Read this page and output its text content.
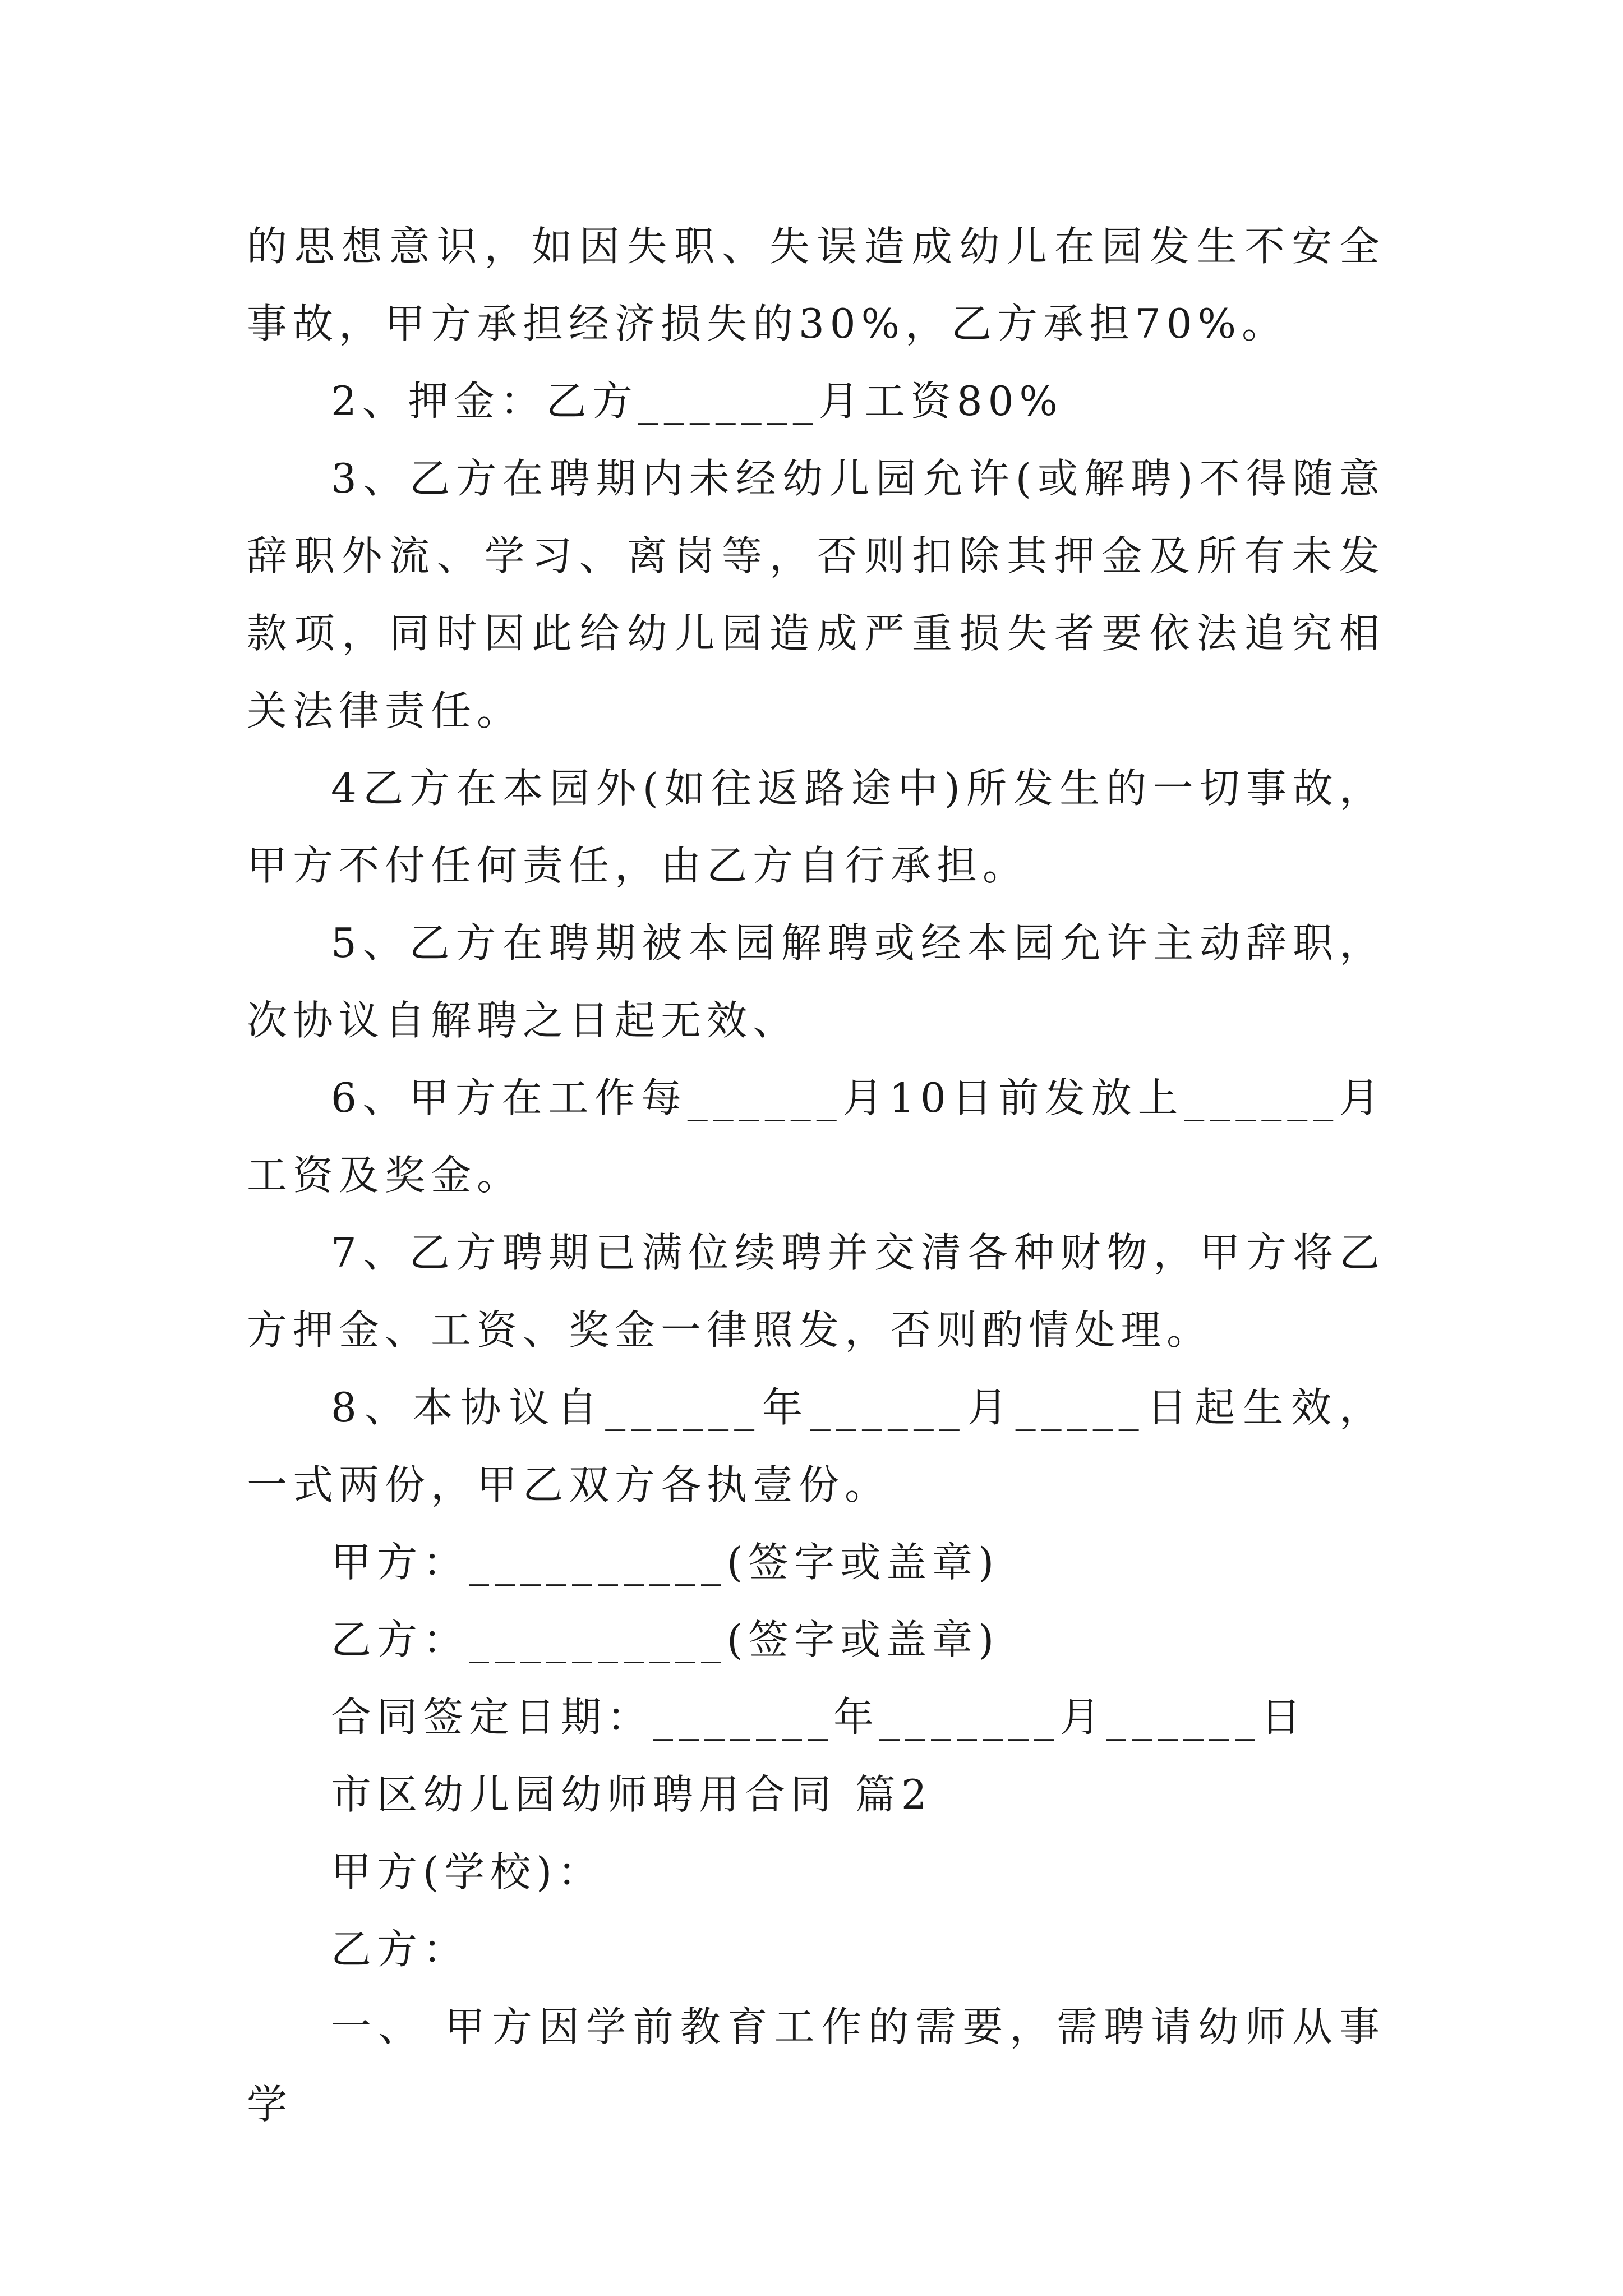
的思想意识，如因失职、失误造成幼儿在园发生不安全事故，甲方承担经济损失的30%，乙方承担70%。

2、押金：乙方_______月工资80%

3、乙方在聘期内未经幼儿园允许(或解聘)不得随意辞职外流、学习、离岗等，否则扣除其押金及所有未发款项，同时因此给幼儿园造成严重损失者要依法追究相关法律责任。

4乙方在本园外(如往返路途中)所发生的一切事故，甲方不付任何责任，由乙方自行承担。

5、乙方在聘期被本园解聘或经本园允许主动辞职，次协议自解聘之日起无效、

6、甲方在工作每______月10日前发放上______月工资及奖金。

7、乙方聘期已满位续聘并交清各种财物，甲方将乙方押金、工资、奖金一律照发，否则酌情处理。

8、本协议自______年______月_____日起生效，一式两份，甲乙双方各执壹份。

甲方：__________(签字或盖章)

乙方：__________(签字或盖章)

合同签定日期：_______年_______月______日

市区幼儿园幼师聘用合同 篇2

甲方(学校)：

乙方：

一、 甲方因学前教育工作的需要，需聘请幼师从事学
